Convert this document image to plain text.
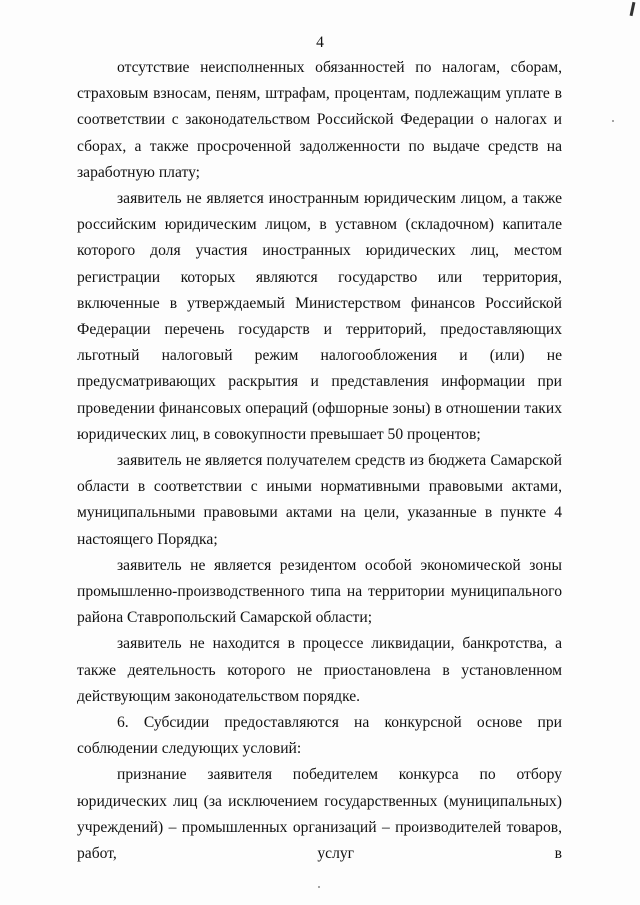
4

отсутствие неисполненных обязанностей по налогам, сборам, страховым взносам, пеням, штрафам, процентам, подлежащим уплате в соответствии с законодательством Российской Федерации о налогах и сборах, а также просроченной задолженности по выдаче средств на заработную плату;

заявитель не является иностранным юридическим лицом, а также российским юридическим лицом, в уставном (складочном) капитале которого доля участия иностранных юридических лиц, местом регистрации которых являются государство или территория, включенные в утверждаемый Министерством финансов Российской Федерации перечень государств и территорий, предоставляющих льготный налоговый режим налогообложения и (или) не предусматривающих раскрытия и представления информации при проведении финансовых операций (офшорные зоны) в отношении таких юридических лиц, в совокупности превышает 50 процентов;

заявитель не является получателем средств из бюджета Самарской области в соответствии с иными нормативными правовыми актами, муниципальными правовыми актами на цели, указанные в пункте 4 настоящего Порядка;

заявитель не является резидентом особой экономической зоны промышленно-производственного типа на территории муниципального района Ставропольский Самарской области;

заявитель не находится в процессе ликвидации, банкротства, а также деятельность которого не приостановлена в установленном действующим законодательством порядке.

6. Субсидии предоставляются на конкурсной основе при соблюдении следующих условий:

признание заявителя победителем конкурса по отбору юридических лиц (за исключением государственных (муниципальных) учреждений) – промышленных организаций – производителей товаров, работ, услуг в
